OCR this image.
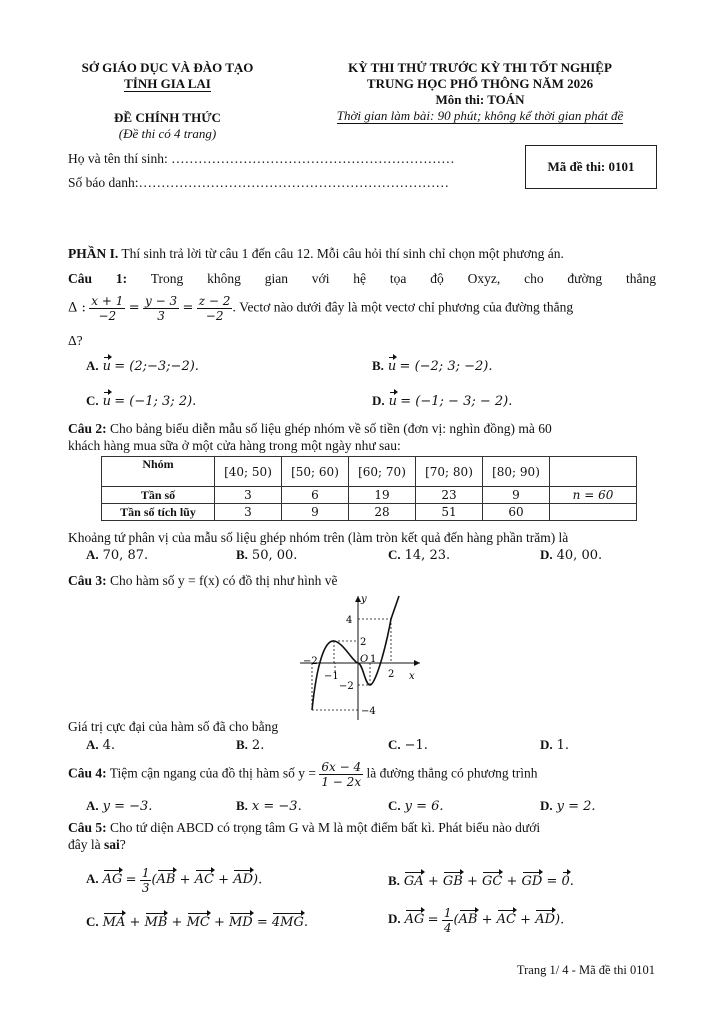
SỞ GIÁO DỤC VÀ ĐÀO TẠO
TỈNH GIA LAI
ĐỀ CHÍNH THỨC
(Đề thi có 4 trang)
KỲ THI THỬ TRƯỚC KỲ THI TỐT NGHIỆP
TRUNG HỌC PHỔ THÔNG NĂM 2026
Môn thi: TOÁN
Thời gian làm bài: 90 phút; không kể thời gian phát đề
Họ và tên thí sinh: ………………………………………………………
Số báo danh:……………………………………………………………
Mã đề thi: 0101
PHẦN I. Thí sinh trả lời từ câu 1 đến câu 12. Mỗi câu hỏi thí sinh chỉ chọn một phương án.
Câu 1: Trong không gian với hệ tọa độ Oxyz, cho đường thẳng
Δ : $\frac{x + 1}{-2} = \frac{y - 3}{3} = \frac{z - 2}{-2}$ . Vectơ nào dưới đây là một vectơ chỉ phương của đường thẳng
Δ?
A. u = (2;−3;−2).	B. u = (−2; 3; −2).
C. u = (−1; 3; 2).	D. u = (−1; − 3; − 2).
Câu 2: Cho bảng biểu diễn mẫu số liệu ghép nhóm về số tiền (đơn vị: nghìn đồng) mà 60
khách hàng mua sữa ở một cửa hàng trong một ngày như sau:
Nhóm	[40; 50)	[50; 60)	[60; 70)	[70; 80)	[80; 90)	
Tần số	3	6	19	23	9	n = 60
Tần số tích lũy	3	9	28	51	60	
Khoảng tứ phân vị của mẫu số liệu ghép nhóm trên (làm tròn kết quả đến hàng phần trăm) là
A. 70, 87.	B. 50, 00.	C. 14, 23.	D. 40, 00.
Câu 3: Cho hàm số y = f(x) có đồ thị như hình vẽ
y
x
O
4
2
−2	1
−1	2
−2
−4
Giá trị cực đại của hàm số đã cho bằng
A. 4.	B. 2.	C. −1.	D. 1.
Câu 4: Tiệm cận ngang của đồ thị hàm số $y = \frac{6x - 4}{1 - 2x}$ là đường thẳng có phương trình
A. y = −3.	B. x = −3.	C. y = 6.	D. y = 2.
Câu 5: Cho tứ diện ABCD có trọng tâm G và M là một điểm bất kì. Phát biểu nào dưới
đây là sai?
A. AG = $\frac{1}{3} (AB$ + AC + AD).	B. GA + GB + GC + GD = 0.
C. MA + MB + MC + MD = 4MG.	D. AG = $\frac{1}{4} (AB$ + AC + AD).
Trang 1/ 4 - Mã đề thi 0101
